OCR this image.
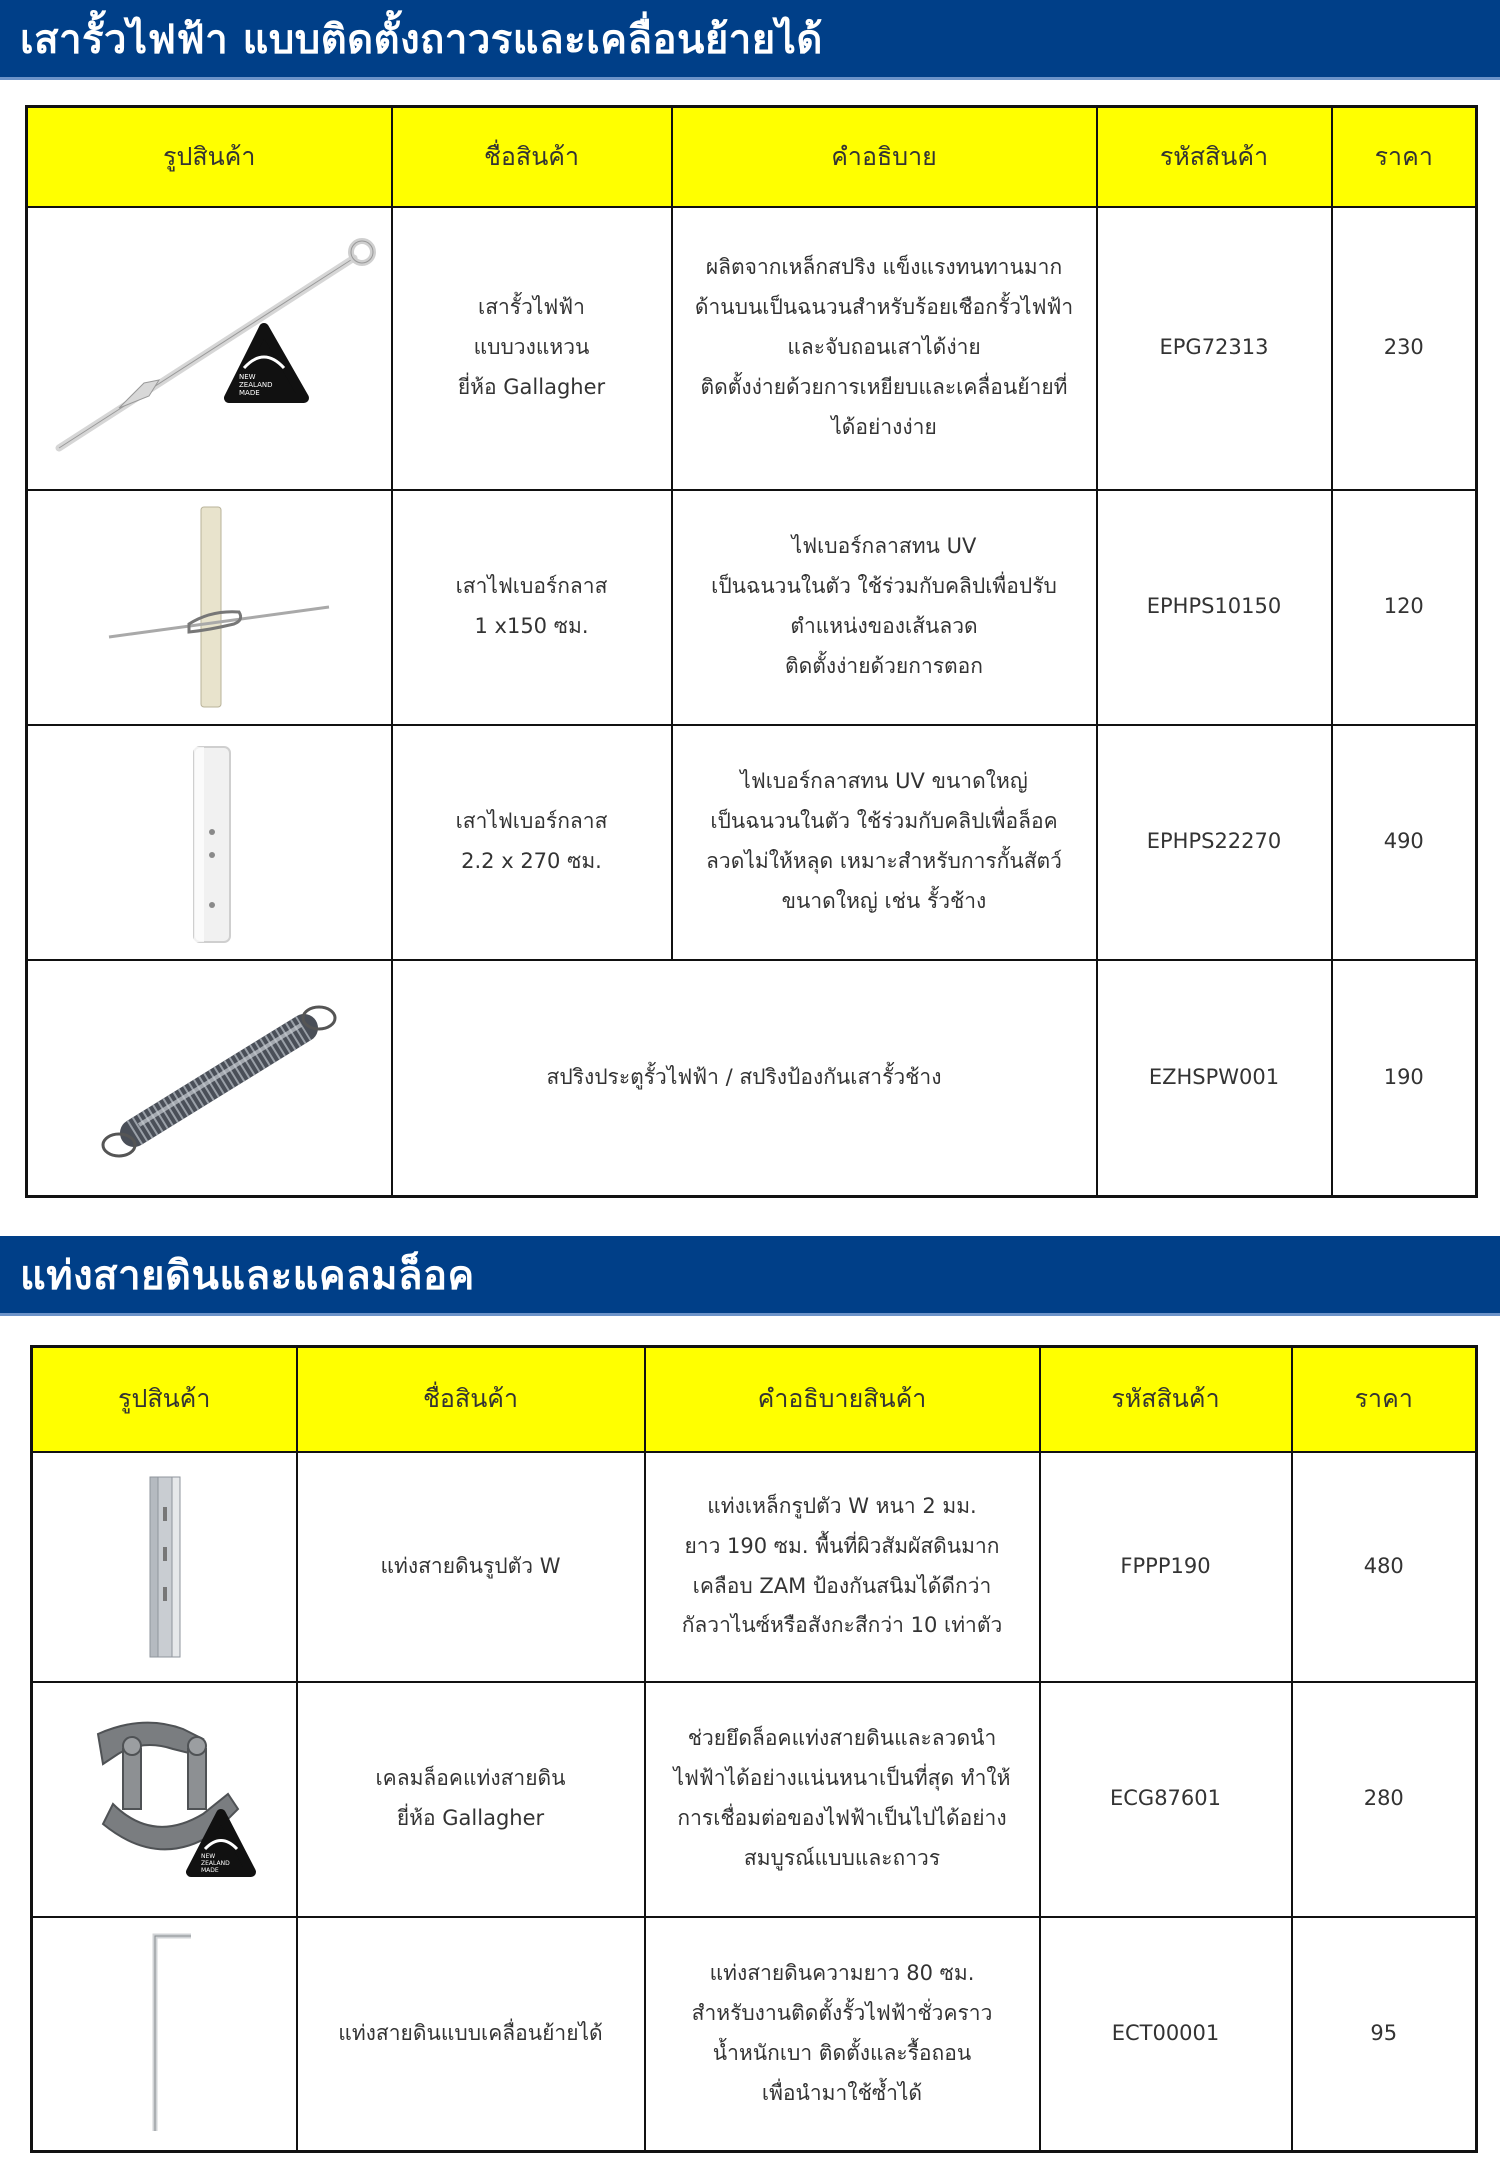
เสารั้วไฟฟ้า แบบติดตั้งถาวรและเคลื่อนย้ายได้
รูปสินค้า	ชื่อสินค้า	คำอธิบาย	รหัสสินค้า	ราคา

NEW
ZEALAND
MADE	เสารั้วไฟฟ้า
แบบวงแหวน
ยี่ห้อ Gallagher	ผลิตจากเหล็กสปริง แข็งแรงทนทานมาก
ด้านบนเป็นฉนวนสำหรับร้อยเชือกรั้วไฟฟ้า
และจับถอนเสาได้ง่าย
ติดตั้งง่ายด้วยการเหยียบและเคลื่อนย้ายที่
ได้อย่างง่าย	EPG72313	230

	เสาไฟเบอร์กลาส
1 x150 ซม.	ไฟเบอร์กลาสทน UV
เป็นฉนวนในตัว ใช้ร่วมกับคลิปเพื่อปรับ
ตำแหน่งของเส้นลวด
ติดตั้งง่ายด้วยการตอก	EPHPS10150	120

	เสาไฟเบอร์กลาส
2.2 x 270 ซม.	ไฟเบอร์กลาสทน UV ขนาดใหญ่
เป็นฉนวนในตัว ใช้ร่วมกับคลิปเพื่อล็อค
ลวดไม่ให้หลุด เหมาะสำหรับการกั้นสัตว์
ขนาดใหญ่ เช่น รั้วช้าง	EPHPS22270	490

	สปริงประตูรั้วไฟฟ้า / สปริงป้องกันเสารั้วช้าง		EZHSPW001	190
แท่งสายดินและแคลมล็อค
รูปสินค้า	ชื่อสินค้า	คำอธิบายสินค้า	รหัสสินค้า	ราคา

	แท่งสายดินรูปตัว W	แท่งเหล็กรูปตัว W หนา 2 มม.
ยาว 190 ซม. พื้นที่ผิวสัมผัสดินมาก
เคลือบ ZAM ป้องกันสนิมได้ดีกว่า
กัลวาไนซ์หรือสังกะสีกว่า 10 เท่าตัว	FPPP190	480

NEW
ZEALAND
MADE	เคลมล็อคแท่งสายดิน
ยี่ห้อ Gallagher	ช่วยยึดล็อคแท่งสายดินและลวดนำ
ไฟฟ้าได้อย่างแน่นหนาเป็นที่สุด ทำให้
การเชื่อมต่อของไฟฟ้าเป็นไปได้อย่าง
สมบูรณ์แบบและถาวร	ECG87601	280

	แท่งสายดินแบบเคลื่อนย้ายได้	แท่งสายดินความยาว 80 ซม.
สำหรับงานติดตั้งรั้วไฟฟ้าชั่วคราว
น้ำหนักเบา ติดตั้งและรื้อถอน
เพื่อนำมาใช้ซ้ำได้	ECT00001	95
